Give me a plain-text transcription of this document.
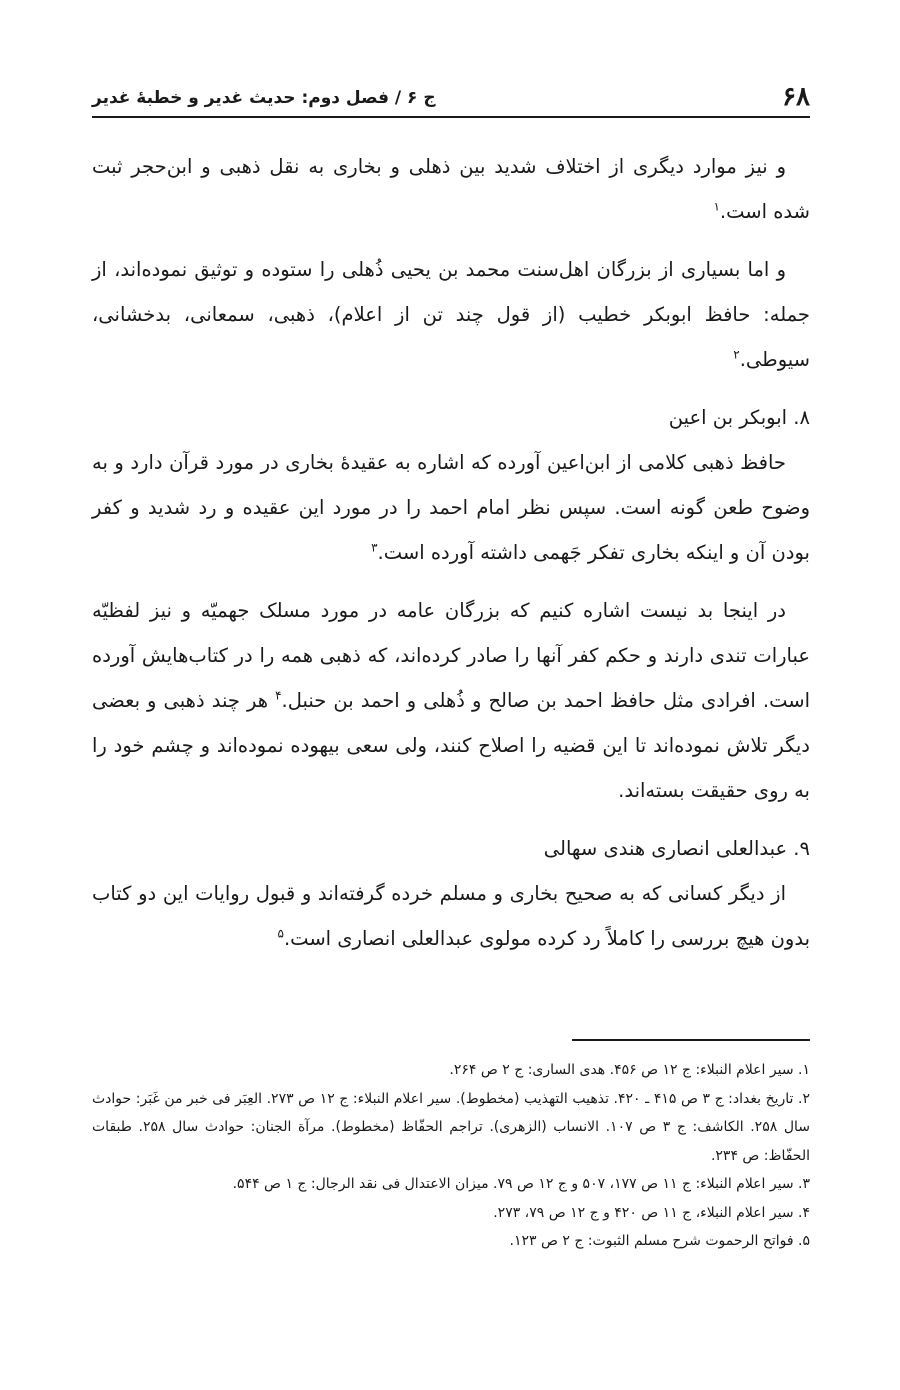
۶۸
ج ۶ / فصل دوم: حدیث غدیر و خطبهٔ غدیر

و نیز موارد دیگری از اختلاف شدید بین ذهلی و بخاری به نقل ذهبی و ابن‌حجر ثبت شده است.$^۱$

و اما بسیاری از بزرگان اهل‌سنت محمد بن یحیی ذُهلی را ستوده و توثیق نموده‌اند، از جمله: حافظ ابوبکر خطیب (از قول چند تن از اعلام)، ذهبی، سمعانی، بدخشانی، سیوطی.$^۲$

۸. ابوبکر بن اعین

حافظ ذهبی کلامی از ابن‌اعین آورده که اشاره به عقیدهٔ بخاری در مورد قرآن دارد و به وضوح طعن گونه است. سپس نظر امام احمد را در مورد این عقیده و رد شدید و کفر بودن آن و اینکه بخاری تفکر جَهمی داشته آورده است.$^۳$

در اینجا بد نیست اشاره کنیم که بزرگان عامه در مورد مسلک جهمیّه و نیز لفظیّه عبارات تندی دارند و حکم کفر آنها را صادر کرده‌اند، که ذهبی همه را در کتاب‌هایش آورده است. افرادی مثل حافظ احمد بن صالح و ذُهلی و احمد بن حنبل.$^۴$ هر چند ذهبی و بعضی دیگر تلاش نموده‌اند تا این قضیه را اصلاح کنند، ولی سعی بیهوده نموده‌اند و چشم خود را به روی حقیقت بسته‌اند.

۹. عبدالعلی انصاری هندی سهالی

از دیگر کسانی که به صحیح بخاری و مسلم خرده گرفته‌اند و قبول روایات این دو کتاب بدون هیچ بررسی را کاملاً رد کرده مولوی عبدالعلی انصاری است.$^۵$

۱. سیر اعلام النبلاء: ج ۱۲ ص ۴۵۶. هدی الساری: ج ۲ ص ۲۶۴.

۲. تاریخ بغداد: ج ۳ ص ۴۱۵ ـ ۴۲۰. تذهیب التهذیب (مخطوط). سیر اعلام النبلاء: ج ۱۲ ص ۲۷۳. العِبَر فی خبر من غَبَر: حوادث سال ۲۵۸. الکاشف: ج ۳ ص ۱۰۷. الانساب (الزهری). تراجم الحفّاظ (مخطوط). مرآة الجنان: حوادث سال ۲۵۸. طبقات الحفّاظ: ص ۲۳۴.

۳. سیر اعلام النبلاء: ج ۱۱ ص ۱۷۷، ۵۰۷ و ج ۱۲ ص ۷۹. میزان الاعتدال فی نقد الرجال: ج ۱ ص ۵۴۴.

۴. سیر اعلام النبلاء، ج ۱۱ ص ۴۲۰ و ج ۱۲ ص ۷۹، ۲۷۳.

۵. فواتح الرحموت شرح مسلم الثبوت: ج ۲ ص ۱۲۳.
